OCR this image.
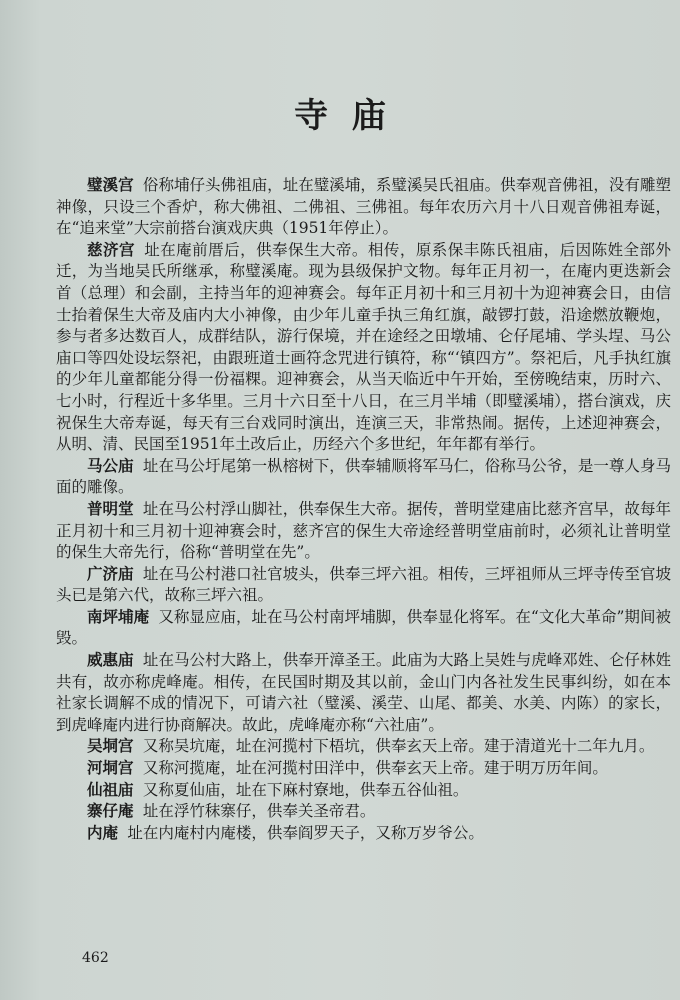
寺庙

璧溪宫 俗称埔仔头佛祖庙，址在璧溪埔，系璧溪吴氏祖庙。供奉观音佛祖，没有雕塑神像，只设三个香炉，称大佛祖、二佛祖、三佛祖。每年农历六月十八日观音佛祖寿诞，在“追来堂”大宗前搭台演戏庆典（1951年停止）。

慈济宫 址在庵前厝后，供奉保生大帝。相传，原系保丰陈氏祖庙，后因陈姓全部外迁，为当地吴氏所继承，称璧溪庵。现为县级保护文物。每年正月初一，在庵内更迭新会首（总理）和会副，主持当年的迎神赛会。每年正月初十和三月初十为迎神赛会日，由信士抬着保生大帝及庙内大小神像，由少年儿童手执三角红旗，敲锣打鼓，沿途燃放鞭炮，参与者多达数百人，成群结队，游行保境，并在途经之田墩埔、仑仔尾埔、学头埕、马公庙口等四处设坛祭祀，由跟班道士画符念咒进行镇符，称“‘镇四方”。祭祀后，凡手执红旗的少年儿童都能分得一份福粿。迎神赛会，从当天临近中午开始，至傍晚结束，历时六、七小时，行程近十多华里。三月十六日至十八日，在三月半埔（即璧溪埔），搭台演戏，庆祝保生大帝寿诞，每天有三台戏同时演出，连演三天，非常热闹。据传，上述迎神赛会，从明、清、民国至1951年土改后止，历经六个多世纪，年年都有举行。

马公庙 址在马公圩尾第一枞榕树下，供奉辅顺将军马仁，俗称马公爷，是一尊人身马面的雕像。

普明堂 址在马公村浮山脚社，供奉保生大帝。据传，普明堂建庙比慈齐宫早，故每年正月初十和三月初十迎神赛会时，慈齐宫的保生大帝途经普明堂庙前时，必须礼让普明堂的保生大帝先行，俗称“普明堂在先”。

广济庙 址在马公村港口社官坡头，供奉三坪六祖。相传，三坪祖师从三坪寺传至官坡头已是第六代，故称三坪六祖。

南坪埔庵 又称显应庙，址在马公村南坪埔脚，供奉显化将军。在“文化大革命”期间被毁。

威惠庙 址在马公村大路上，供奉开漳圣王。此庙为大路上吴姓与虎峰邓姓、仑仔林姓共有，故亦称虎峰庵。相传，在民国时期及其以前，金山门内各社发生民事纠纷，如在本社家长调解不成的情况下，可请六社（璧溪、溪茔、山尾、都美、水美、内陈）的家长，到虎峰庵内进行协商解决。故此，虎峰庵亦称“六社庙”。

吴垌宫 又称吴坑庵，址在河揽村下梧坑，供奉玄天上帝。建于清道光十二年九月。

河垌宫 又称河揽庵，址在河揽村田洋中，供奉玄天上帝。建于明万历年间。

仙祖庙 又称夏仙庙，址在下麻村寮地，供奉五谷仙祖。

寨仔庵 址在浮竹秣寨仔，供奉关圣帝君。

内庵 址在内庵村内庵楼，供奉阎罗天子，又称万岁爷公。

462
